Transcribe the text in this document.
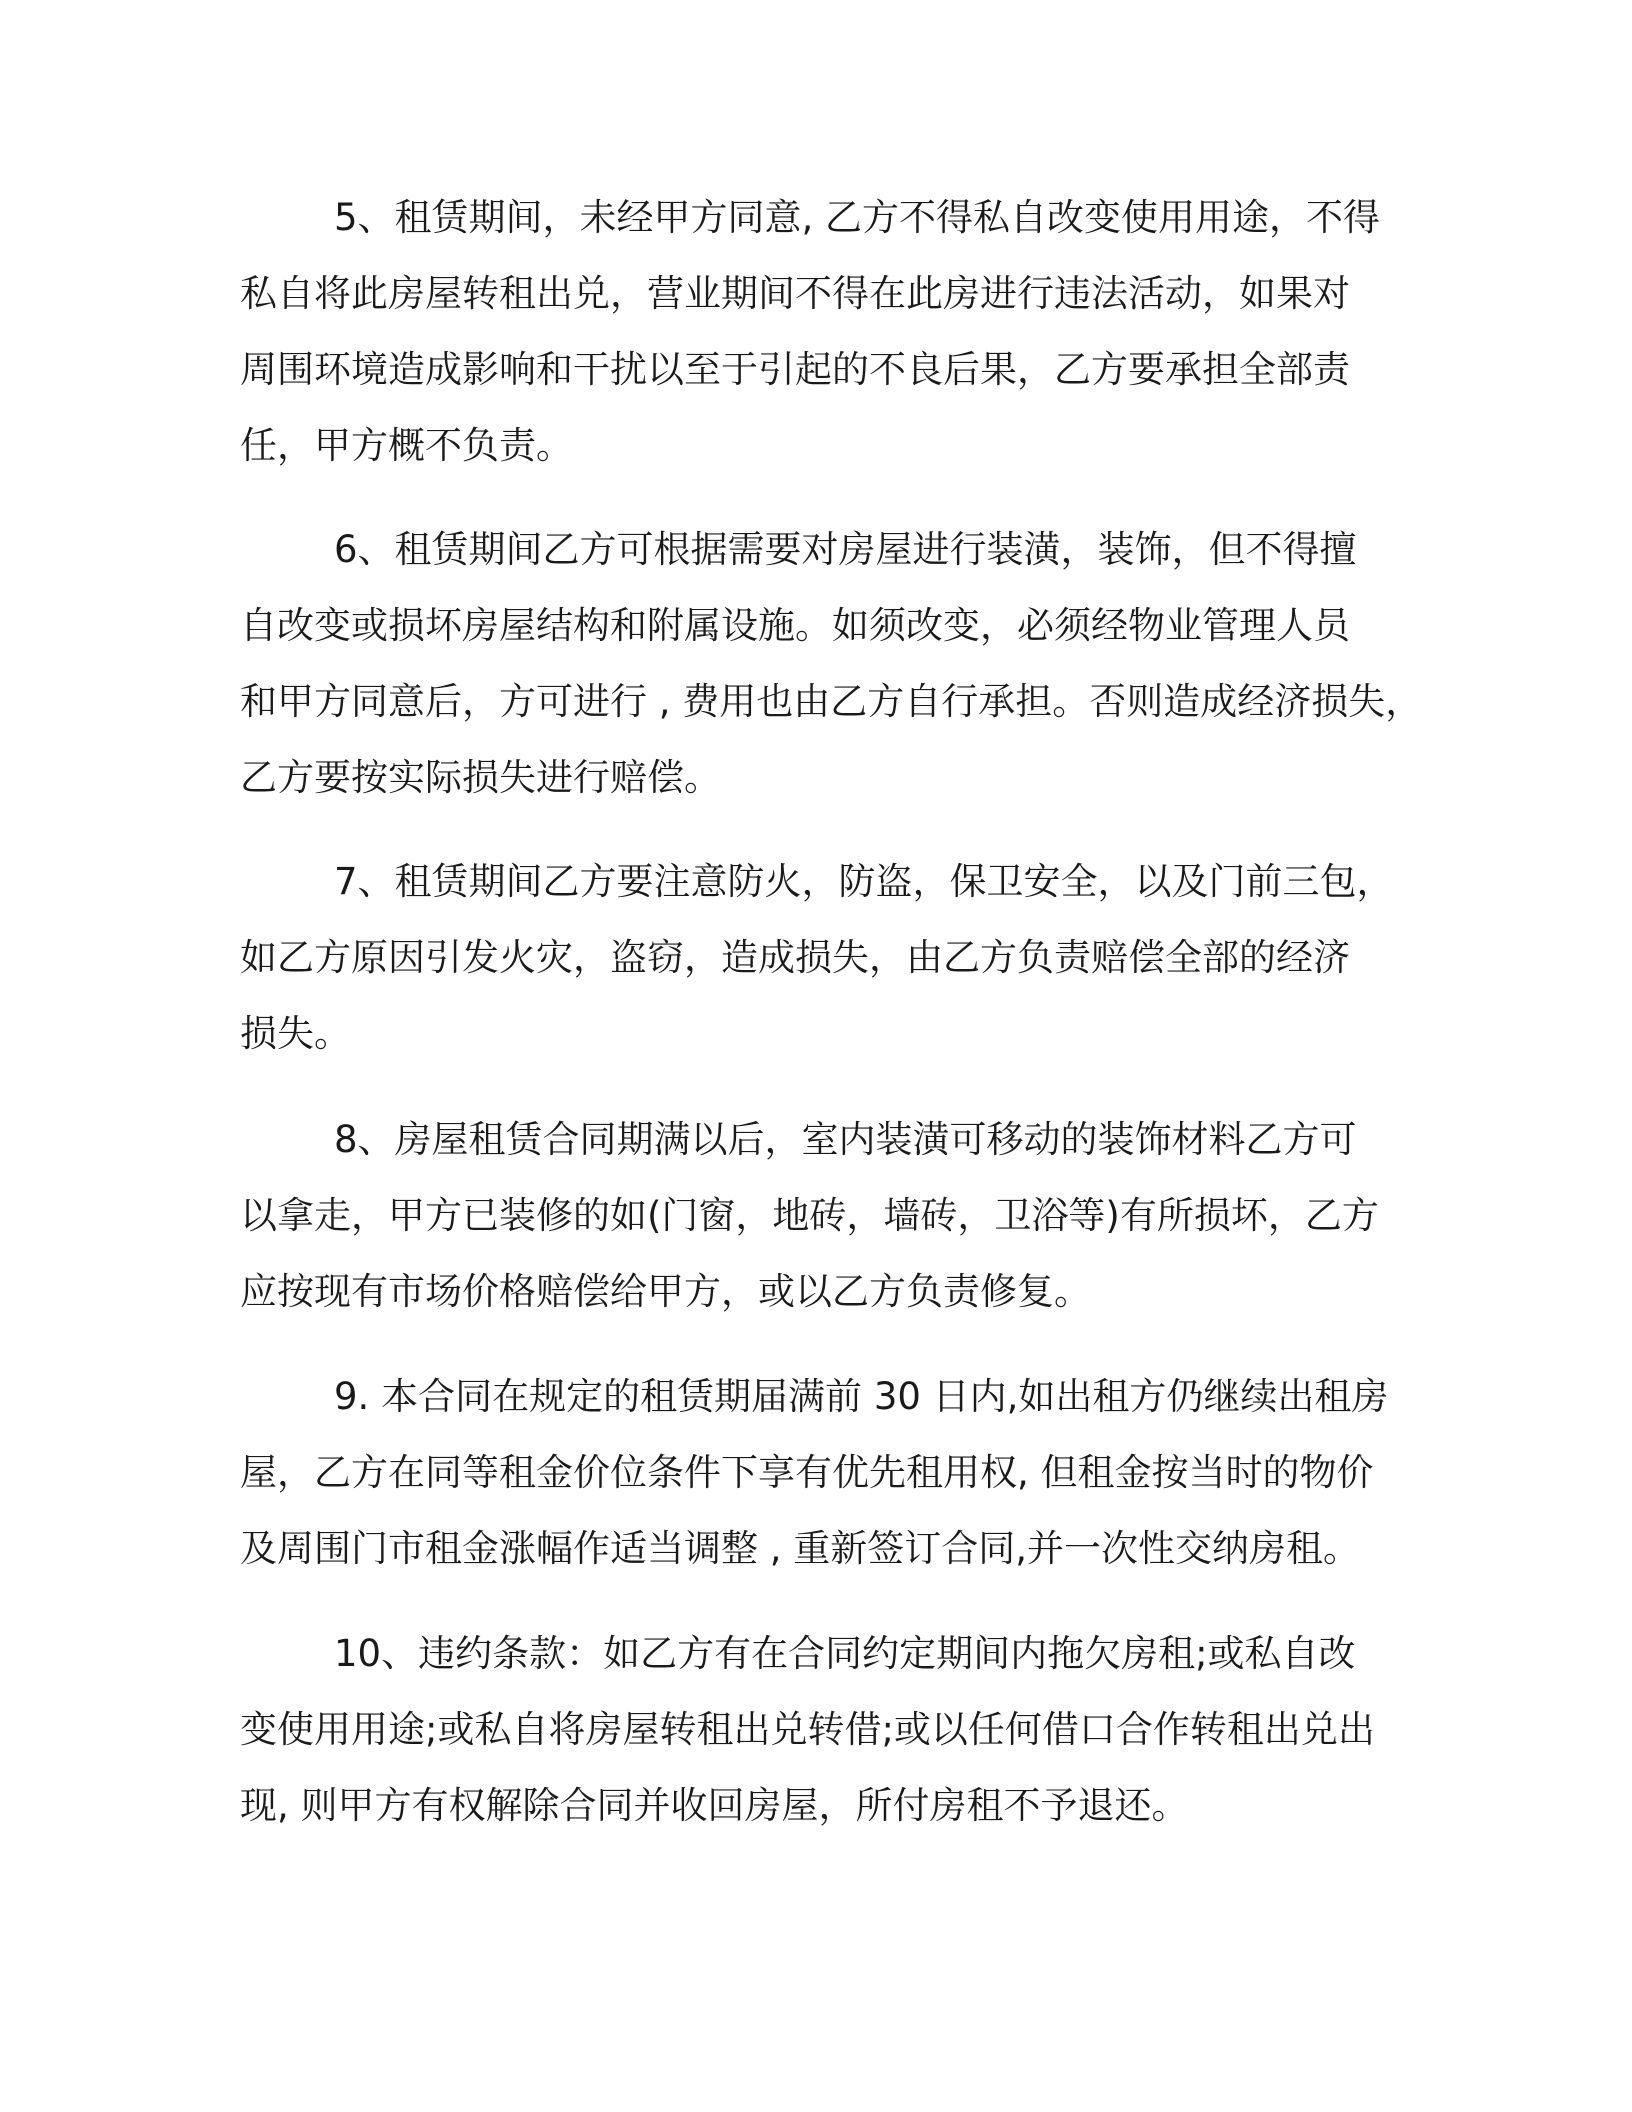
5、租赁期间，未经甲方同意, 乙方不得私自改变使用用途，不得
私自将此房屋转租出兑，营业期间不得在此房进行违法活动，如果对
周围环境造成影响和干扰以至于引起的不良后果，乙方要承担全部责
任，甲方概不负责。
6、租赁期间乙方可根据需要对房屋进行装潢，装饰，但不得擅
自改变或损坏房屋结构和附属设施。如须改变，必须经物业管理人员
和甲方同意后，方可进行 , 费用也由乙方自行承担。否则造成经济损失，
乙方要按实际损失进行赔偿。
7、租赁期间乙方要注意防火，防盗，保卫安全，以及门前三包，
如乙方原因引发火灾，盗窃，造成损失，由乙方负责赔偿全部的经济
损失。
8、房屋租赁合同期满以后，室内装潢可移动的装饰材料乙方可
以拿走，甲方已装修的如(门窗，地砖，墙砖，卫浴等)有所损坏，乙方
应按现有市场价格赔偿给甲方，或以乙方负责修复。
9. 本合同在规定的租赁期届满前 30 日内,如出租方仍继续出租房
屋，乙方在同等租金价位条件下享有优先租用权, 但租金按当时的物价
及周围门市租金涨幅作适当调整 , 重新签订合同,并一次性交纳房租。
10、违约条款：如乙方有在合同约定期间内拖欠房租;或私自改
变使用用途;或私自将房屋转租出兑转借;或以任何借口合作转租出兑出
现, 则甲方有权解除合同并收回房屋，所付房租不予退还。
